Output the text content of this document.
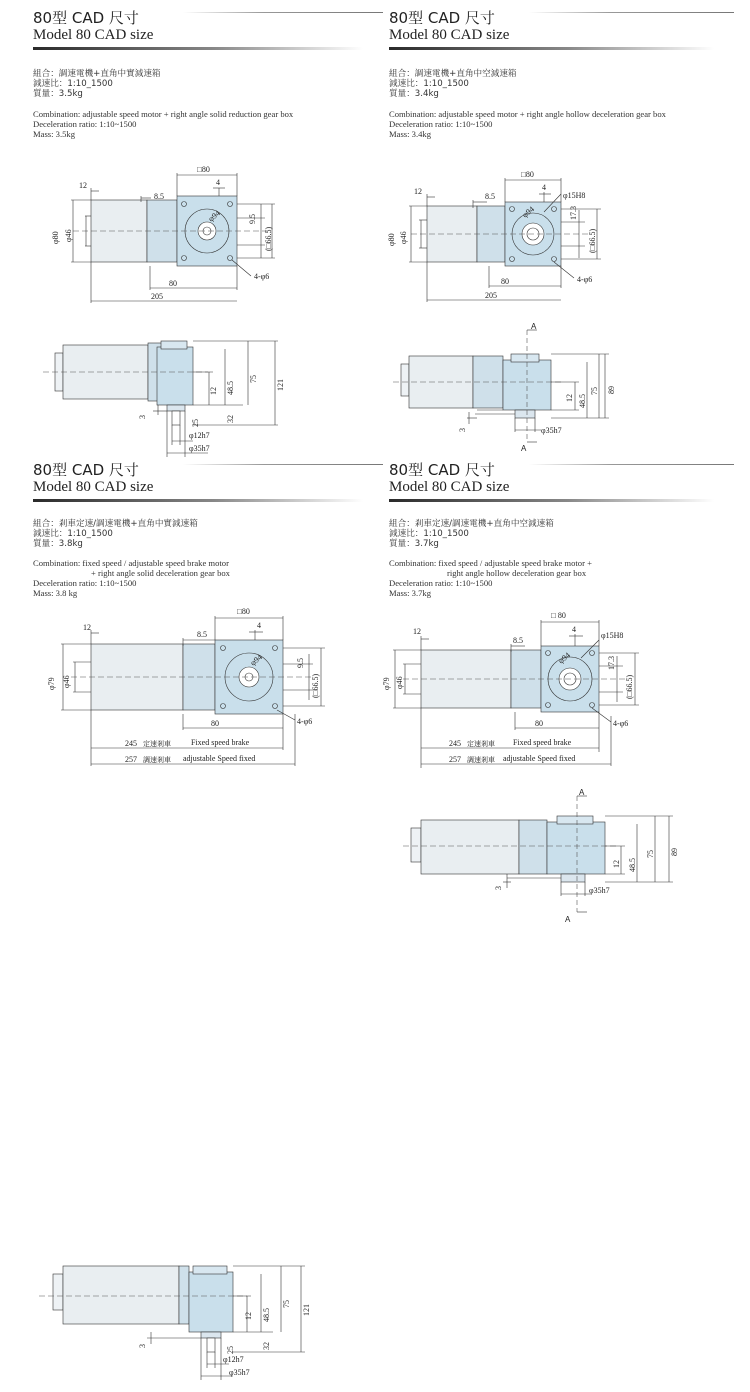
80型 CAD 尺寸
Model 80 CAD size
組合：調速電機+直角中實減速箱
減速比：1:10_1500
質量：3.5kg
Combination: adjustable speed motor + right angle solid reduction gear box
Deceleration ratio: 1:10~1500
Mass: 3.5kg
□80
4
12
8.5
9.5
φ80 φ46	(□66.5)
φ94
80
205
4-φ6
12 48.5
75 121
3
25	32
φ12h7
φ35h7
80型 CAD 尺寸
Model 80 CAD size
組合：調速電機+直角中空減速箱
減速比：1:10_1500
質量：3.4kg
Combination: adjustable speed motor + right angle hollow deceleration gear box
Deceleration ratio: 1:10~1500
Mass: 3.4kg
□80
4
12
8.5	φ15H8
17.3
φ80 φ46	(□66.5)
φ94
80
205
4-φ6
A
A
12 48.5
75 89
3	φ35h7
80型 CAD 尺寸
Model 80 CAD size
組合：剎車定速/調速電機+直角中實減速箱
減速比：1:10_1500
質量：3.8kg
Combination: fixed speed / adjustable speed brake motor
+ right angle solid deceleration gear box
Deceleration ratio: 1:10~1500
Mass: 3.8 kg
□80
4
12
8.5
9.5
φ79 φ46	(□66.5)
φ94
80	4-φ6
245 定速剎車	Fixed speed brake
257 調速剎車 adjustable Speed fixed
12 48.5
75 121
3	25	32
φ12h7
φ35h7
80型 CAD 尺寸
Model 80 CAD size
組合：剎車定速/調速電機+直角中空減速箱
減速比：1:10_1500
質量：3.7kg
Combination: fixed speed / adjustable speed brake motor +
right angle hollow deceleration gear box
Deceleration ratio: 1:10~1500
Mass: 3.7kg
□ 80
4
12
8.5
φ15H8
17.3
φ79 φ46	(□66.5)
φ94
80	4-φ6
245 定速剎車 Fixed speed brake
257 調速剎車 adjustable Speed fixed
A
A
12 48.5
75 89
3	φ35h7
